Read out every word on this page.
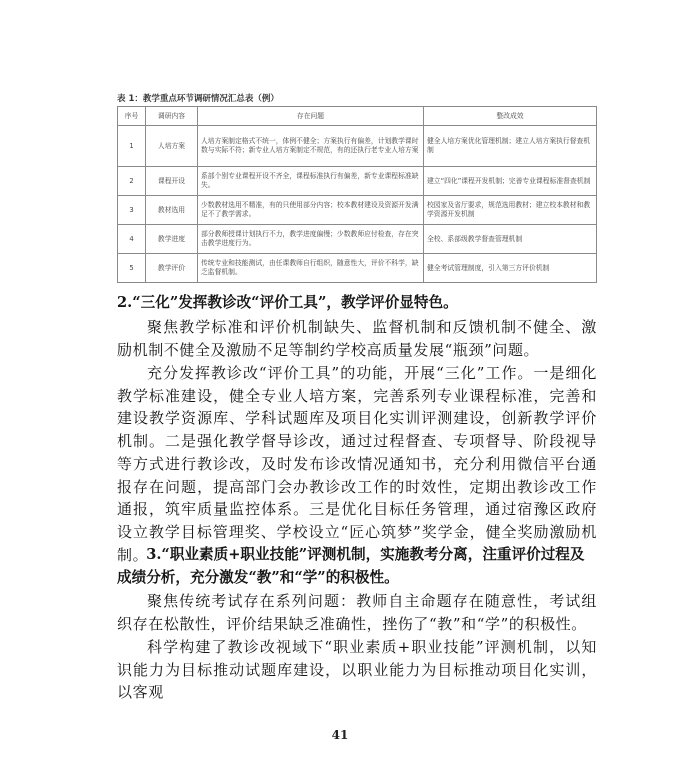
表 1：教学重点环节调研情况汇总表（例）
序号	调研内容	存在问题	整改成效
1	人培方案	人培方案制定格式不统一，体例不健全；方案执行有偏差，计划教学课时数与实际不符；新专业人培方案制定不规范，有的还执行老专业人培方案	健全人培方案优化管理机制；建立人培方案执行督查机制
2	课程开设	系部个别专业课程开设不齐全，课程标准执行有偏差，新专业课程标准缺失。	建立“四化”课程开发机制；完善专业课程标准督查机制
3	教材选用	少数教材选用不精准，有的只使用部分内容；校本教材建设及资源开发满足不了教学需求。	校园家及省厅要求，规范选用教材；建立校本教材和教学资源开发机制
4	教学进度	部分教师授课计划执行不力，教学进度偏慢；少数教师应付检查，存在突击教学进度行为。	全校、系部级教学督查管理机制
5	教学评价	传统专业和技能测试，由任课教师自行组织，随意性大，评价不科学，缺乏监督机制。	健全考试管理制度，引入第三方评价机制
2.“三化”发挥教诊改“评价工具”，教学评价显特色。
聚焦教学标准和评价机制缺失、监督机制和反馈机制不健全、激励机制不健全及激励不足等制约学校高质量发展“瓶颈”问题。
充分发挥教诊改“评价工具”的功能，开展“三化”工作。一是细化教学标准建设，健全专业人培方案，完善系列专业课程标准，完善和建设教学资源库、学科试题库及项目化实训评测建设，创新教学评价机制。二是强化教学督导诊改，通过过程督查、专项督导、阶段视导等方式进行教诊改，及时发布诊改情况通知书，充分利用微信平台通报存在问题，提高部门会办教诊改工作的时效性，定期出教诊改工作通报，筑牢质量监控体系。三是优化目标任务管理，通过宿豫区政府设立教学目标管理奖、学校设立“匠心筑梦”奖学金，健全奖励激励机制。
3.“职业素质+职业技能”评测机制，实施教考分离，注重评价过程及成绩分析，充分激发“教”和“学”的积极性。
聚焦传统考试存在系列问题：教师自主命题存在随意性，考试组织存在松散性，评价结果缺乏准确性，挫伤了“教”和“学”的积极性。
科学构建了教诊改视域下“职业素质+职业技能”评测机制，以知识能力为目标推动试题库建设，以职业能力为目标推动项目化实训，以客观
41
